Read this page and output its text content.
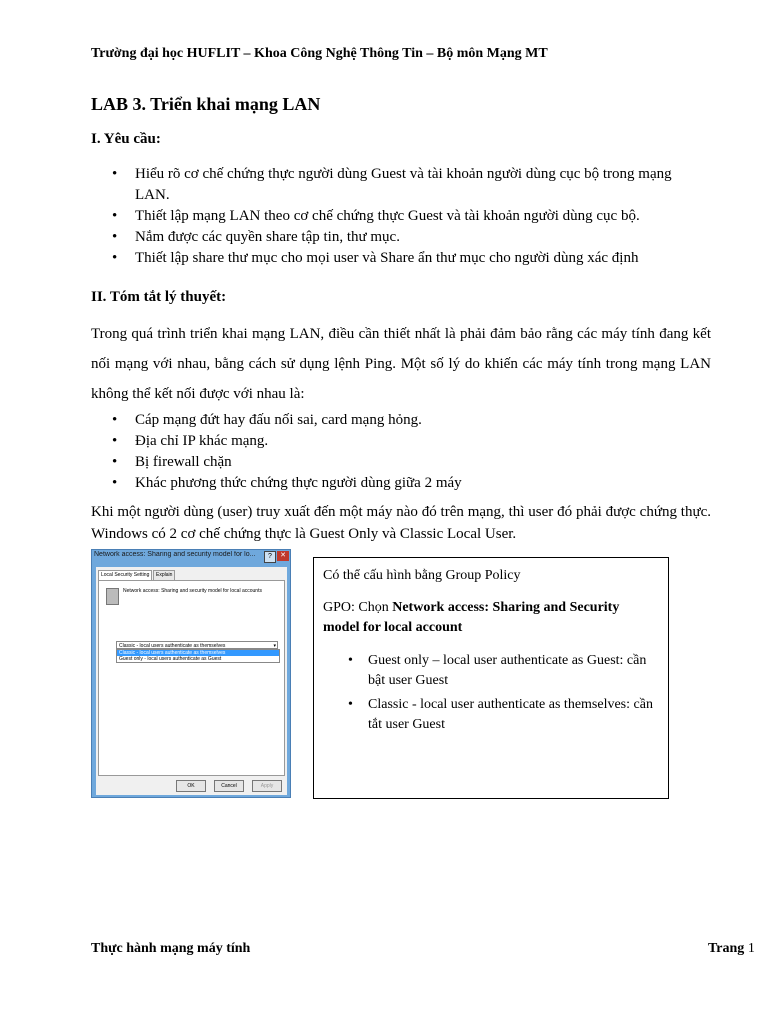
Trường đại học HUFLIT – Khoa Công Nghệ Thông Tin – Bộ môn Mạng MT
LAB 3. Triển khai mạng LAN
I. Yêu cầu:
• Hiểu rõ cơ chế chứng thực người dùng Guest và tài khoản người dùng cục bộ trong mạng LAN.
• Thiết lập mạng LAN theo cơ chế chứng thực Guest và tài khoản người dùng cục bộ.
• Nắm được các quyền share tập tin, thư mục.
• Thiết lập share thư mục cho mọi user và Share ẩn thư mục cho người dùng xác định
II. Tóm tắt lý thuyết:
Trong quá trình triển khai mạng LAN, điều cần thiết nhất là phải đảm bảo rằng các máy tính đang kết nối mạng với nhau, bằng cách sử dụng lệnh Ping. Một số lý do khiến các máy tính trong mạng LAN không thể kết nối được với nhau là:
• Cáp mạng đứt hay đấu nối sai, card mạng hỏng.
• Địa chỉ IP khác mạng.
• Bị firewall chặn
• Khác phương thức chứng thực người dùng giữa 2 máy
Khi một người dùng (user) truy xuất đến một máy nào đó trên mạng, thì user đó phải được chứng thực. Windows có 2 cơ chế chứng thực là Guest Only và Classic Local User.
Network access: Sharing and security model for lo...	?	✕
Local Security Setting	Explain
Network access: Sharing and security model for local accounts
Classic - local users authenticate as themselves	▾
Classic - local users authenticate as themselves
Guest only - local users authenticate as Guest
OK	Cancel	Apply

Có thể cấu hình bằng Group Policy

GPO: Chọn Network access: Sharing and Security model for local account

• Guest only – local user authenticate as Guest: cần bật user Guest
• Classic - local user authenticate as themselves: cần tắt user Guest
Thực hành mạng máy tính	Trang 1
